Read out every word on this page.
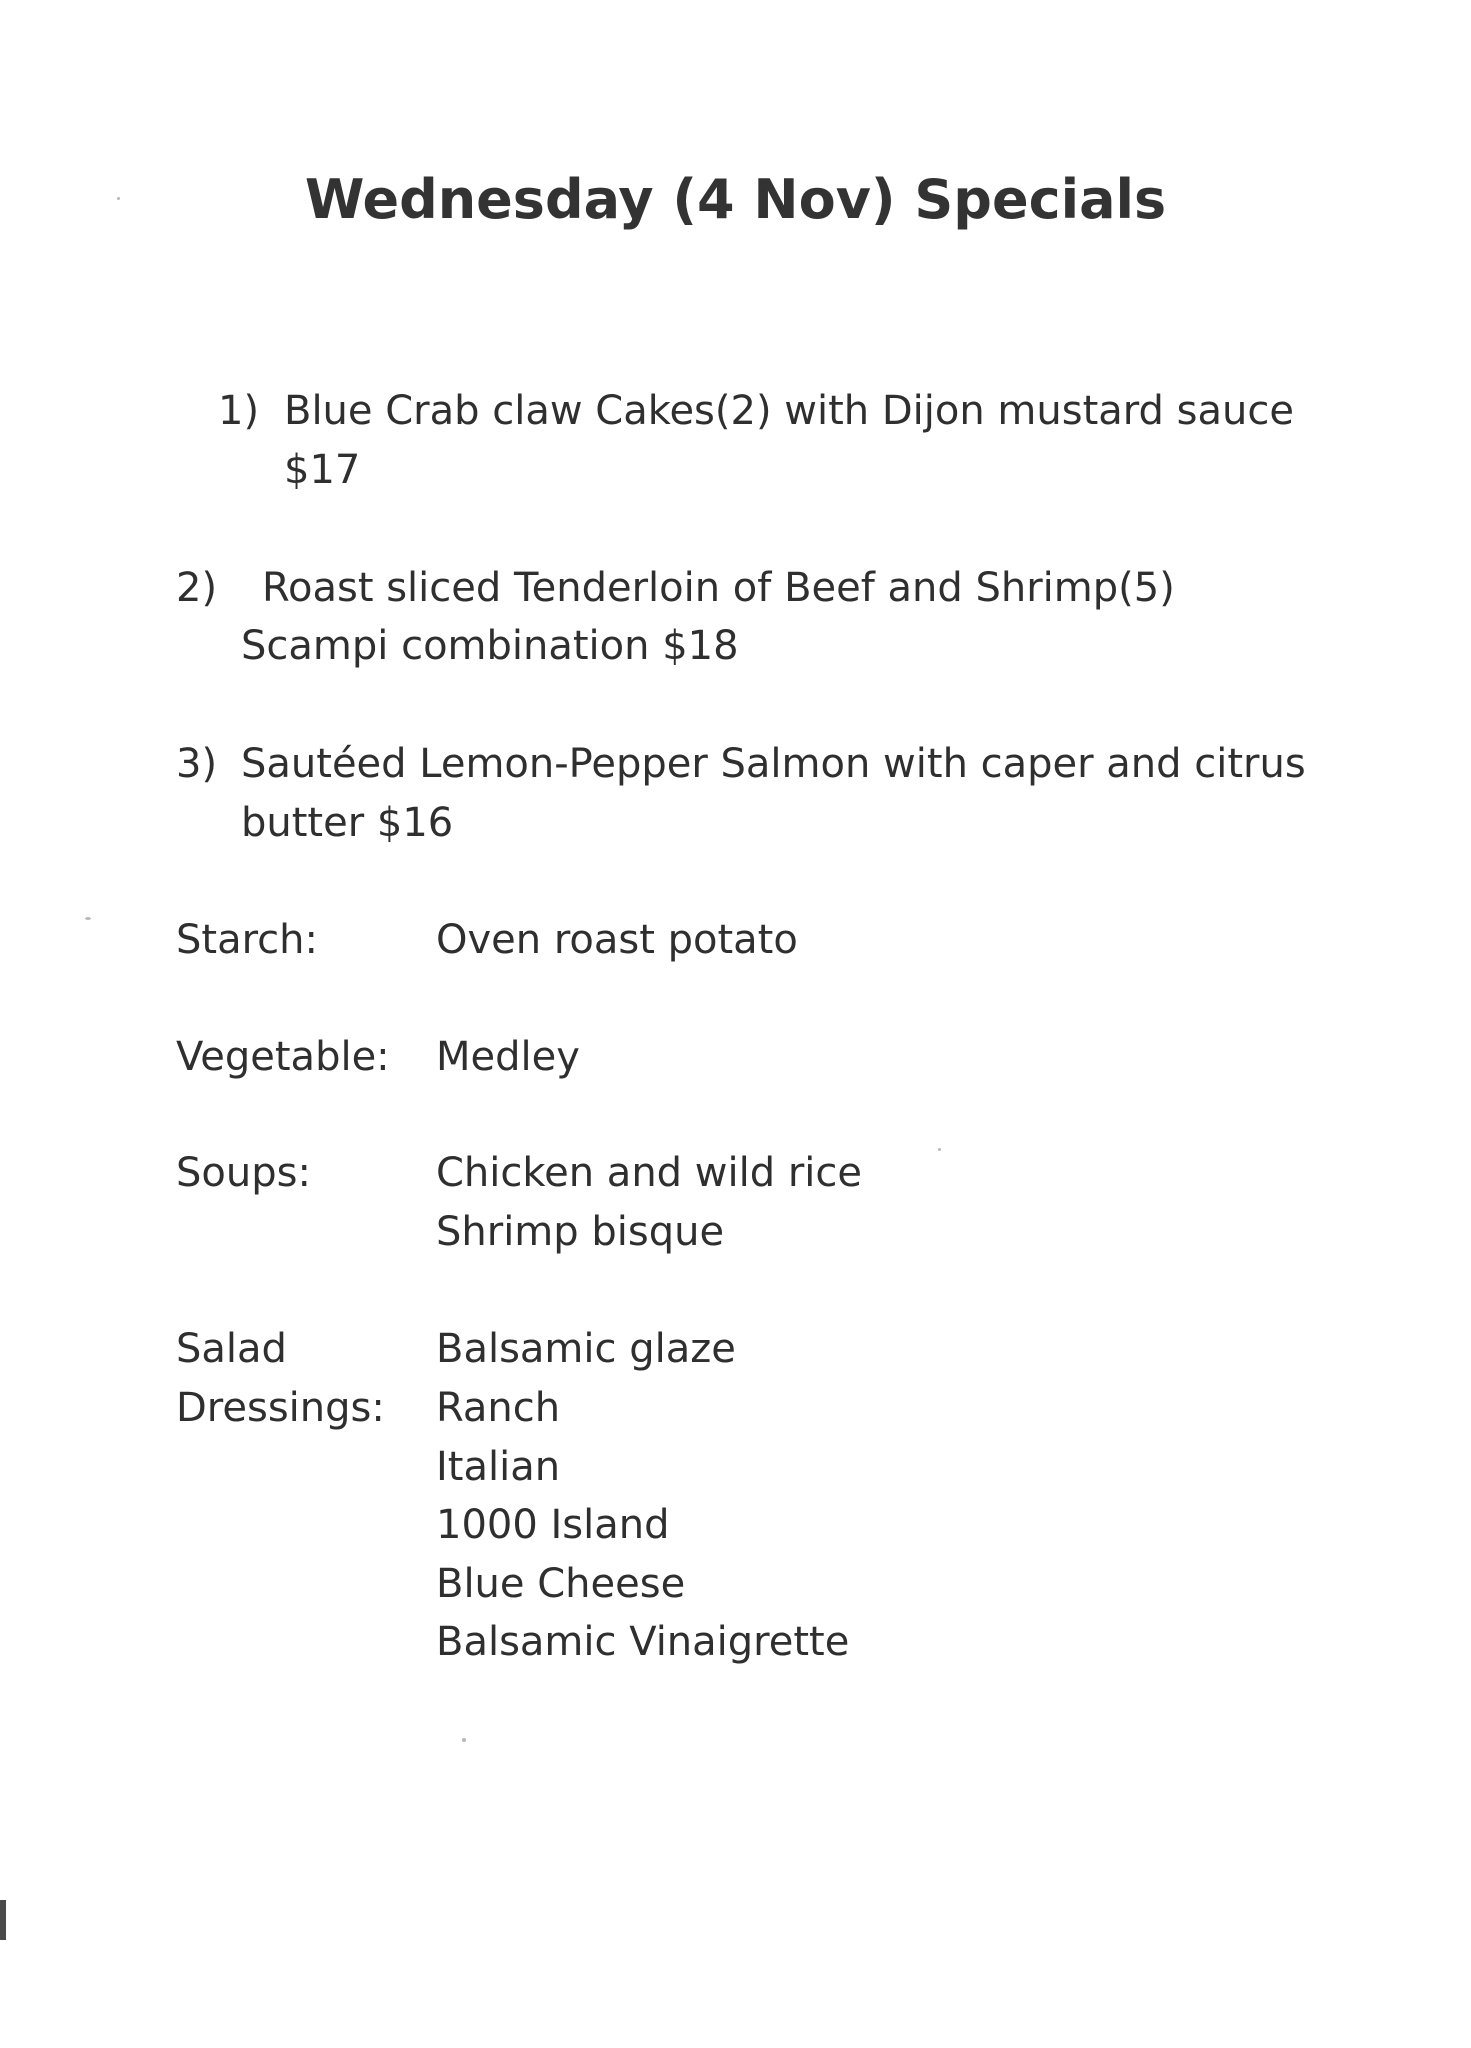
Wednesday (4 Nov) Specials
1) Blue Crab claw Cakes(2) with Dijon mustard sauce
$17
2) Roast sliced Tenderloin of Beef and Shrimp(5)
Scampi combination $18
3) Sautéed Lemon-Pepper Salmon with caper and citrus
butter $16
Starch:	Oven roast potato
Vegetable: Medley
Soups:	Chicken and wild rice
Shrimp bisque
Salad
Dressings:
Balsamic glaze
Ranch
Italian
1000 Island
Blue Cheese
Balsamic Vinaigrette
